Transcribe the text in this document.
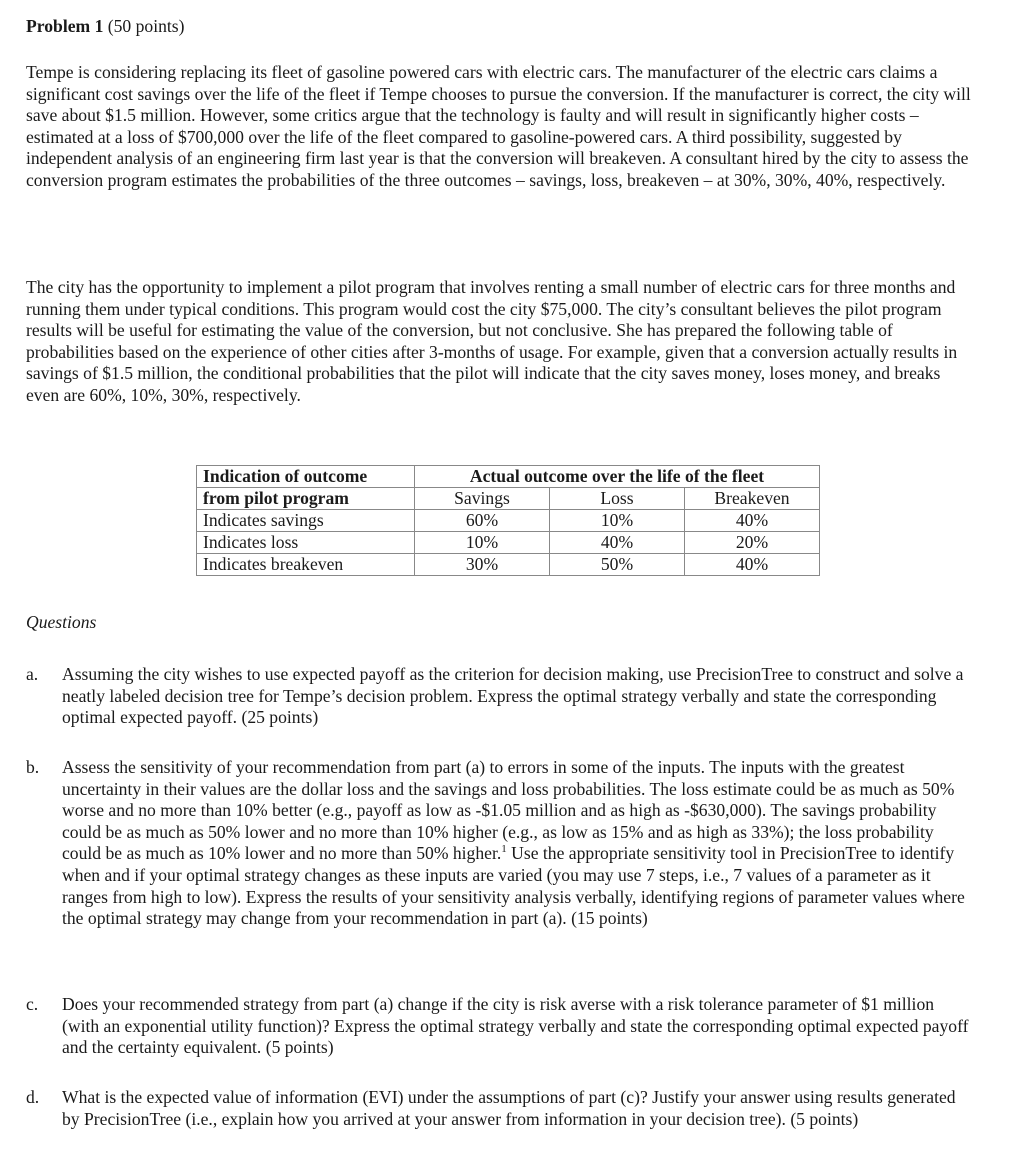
Problem 1 (50 points)

Tempe is considering replacing its fleet of gasoline powered cars with electric cars. The manufacturer of the electric cars claims a significant cost savings over the life of the fleet if Tempe chooses to pursue the conversion. If the manufacturer is correct, the city will save about $1.5 million. However, some critics argue that the technology is faulty and will result in significantly higher costs – estimated at a loss of $700,000 over the life of the fleet compared to gasoline-powered cars. A third possibility, suggested by independent analysis of an engineering firm last year is that the conversion will breakeven. A consultant hired by the city to assess the conversion program estimates the probabilities of the three outcomes – savings, loss, breakeven – at 30%, 30%, 40%, respectively.

The city has the opportunity to implement a pilot program that involves renting a small number of electric cars for three months and running them under typical conditions. This program would cost the city $75,000. The city’s consultant believes the pilot program results will be useful for estimating the value of the conversion, but not conclusive. She has prepared the following table of probabilities based on the experience of other cities after 3-months of usage. For example, given that a conversion actually results in savings of $1.5 million, the conditional probabilities that the pilot will indicate that the city saves money, loses money, and breaks even are 60%, 10%, 30%, respectively.

Indication of outcome	Actual outcome over the life of the fleet		
from pilot program	Savings	Loss	Breakeven
Indicates savings	60%	10%	40%
Indicates loss	10%	40%	20%
Indicates breakeven	30%	50%	40%
Questions
a.	Assuming the city wishes to use expected payoff as the criterion for decision making, use PrecisionTree to construct and solve a neatly labeled decision tree for Tempe’s decision problem. Express the optimal strategy verbally and state the corresponding optimal expected payoff. (25 points)
b.	Assess the sensitivity of your recommendation from part (a) to errors in some of the inputs. The inputs with the greatest uncertainty in their values are the dollar loss and the savings and loss probabilities. The loss estimate could be as much as 50% worse and no more than 10% better (e.g., payoff as low as -$1.05 million and as high as -$630,000). The savings probability could be as much as 50% lower and no more than 10% higher (e.g., as low as 15% and as high as 33%); the loss probability could be as much as 10% lower and no more than 50% higher.$^1$ Use the appropriate sensitivity tool in PrecisionTree to identify when and if your optimal strategy changes as these inputs are varied (you may use 7 steps, i.e., 7 values of a parameter as it ranges from high to low). Express the results of your sensitivity analysis verbally, identifying regions of parameter values where the optimal strategy may change from your recommendation in part (a). (15 points)
c.	Does your recommended strategy from part (a) change if the city is risk averse with a risk tolerance parameter of $1 million (with an exponential utility function)? Express the optimal strategy verbally and state the corresponding optimal expected payoff and the certainty equivalent. (5 points)
d.	What is the expected value of information (EVI) under the assumptions of part (c)? Justify your answer using results generated by PrecisionTree (i.e., explain how you arrived at your answer from information in your decision tree). (5 points)
